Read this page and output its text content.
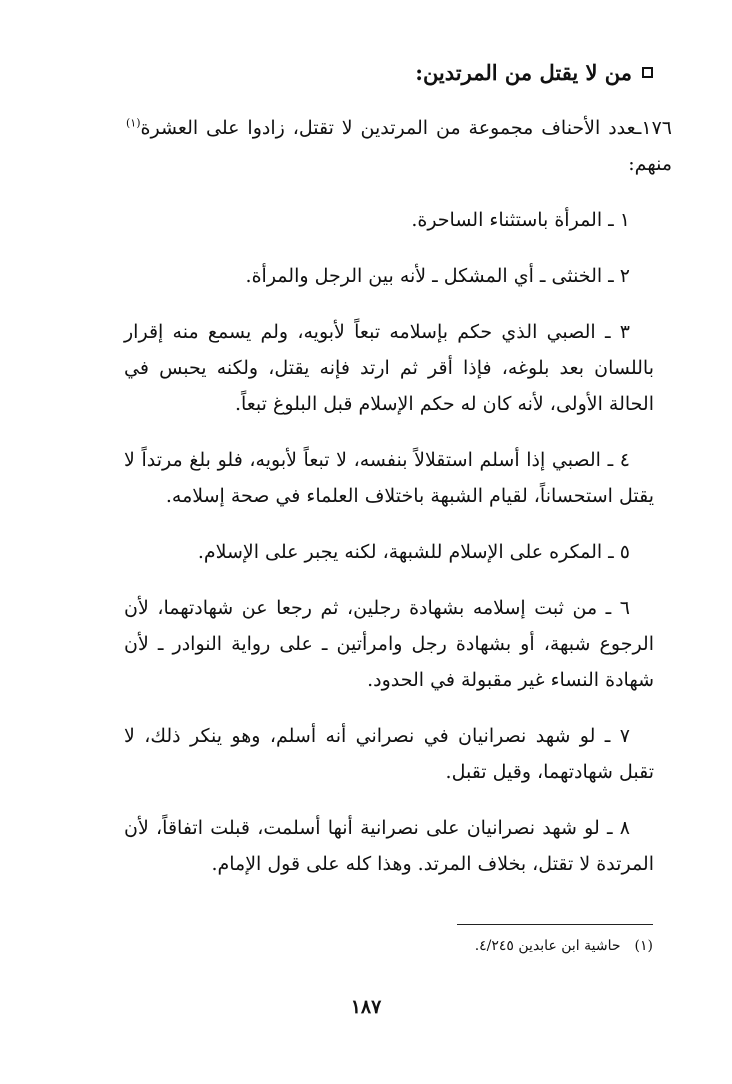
من لا يقتل من المرتدين:

١٧٦ـعدد الأحناف مجموعة من المرتدين لا تقتل، زادوا على العشرة$^{(١)}$ منهم:

١ ـ المرأة باستثناء الساحرة.

٢ ـ الخنثى ـ أي المشكل ـ لأنه بين الرجل والمرأة.

٣ ـ الصبي الذي حكم بإسلامه تبعاً لأبويه، ولم يسمع منه إقرار باللسان بعد بلوغه، فإذا أقر ثم ارتد فإنه يقتل، ولكنه يحبس في الحالة الأولى، لأنه كان له حكم الإسلام قبل البلوغ تبعاً.

٤ ـ الصبي إذا أسلم استقلالاً بنفسه، لا تبعاً لأبويه، فلو بلغ مرتداً لا يقتل استحساناً، لقيام الشبهة باختلاف العلماء في صحة إسلامه.

٥ ـ المكره على الإسلام للشبهة، لكنه يجبر على الإسلام.

٦ ـ من ثبت إسلامه بشهادة رجلين، ثم رجعا عن شهادتهما، لأن الرجوع شبهة، أو بشهادة رجل وامرأتين ـ على رواية النوادر ـ لأن شهادة النساء غير مقبولة في الحدود.

٧ ـ لو شهد نصرانيان في نصراني أنه أسلم، وهو ينكر ذلك، لا تقبل شهادتهما، وقيل تقبل.

٨ ـ لو شهد نصرانيان على نصرانية أنها أسلمت، قبلت اتفاقاً، لأن المرتدة لا تقتل، بخلاف المرتد. وهذا كله على قول الإمام.

(١)حاشية ابن عابدين ٤/٢٤٥.
١٨٧
